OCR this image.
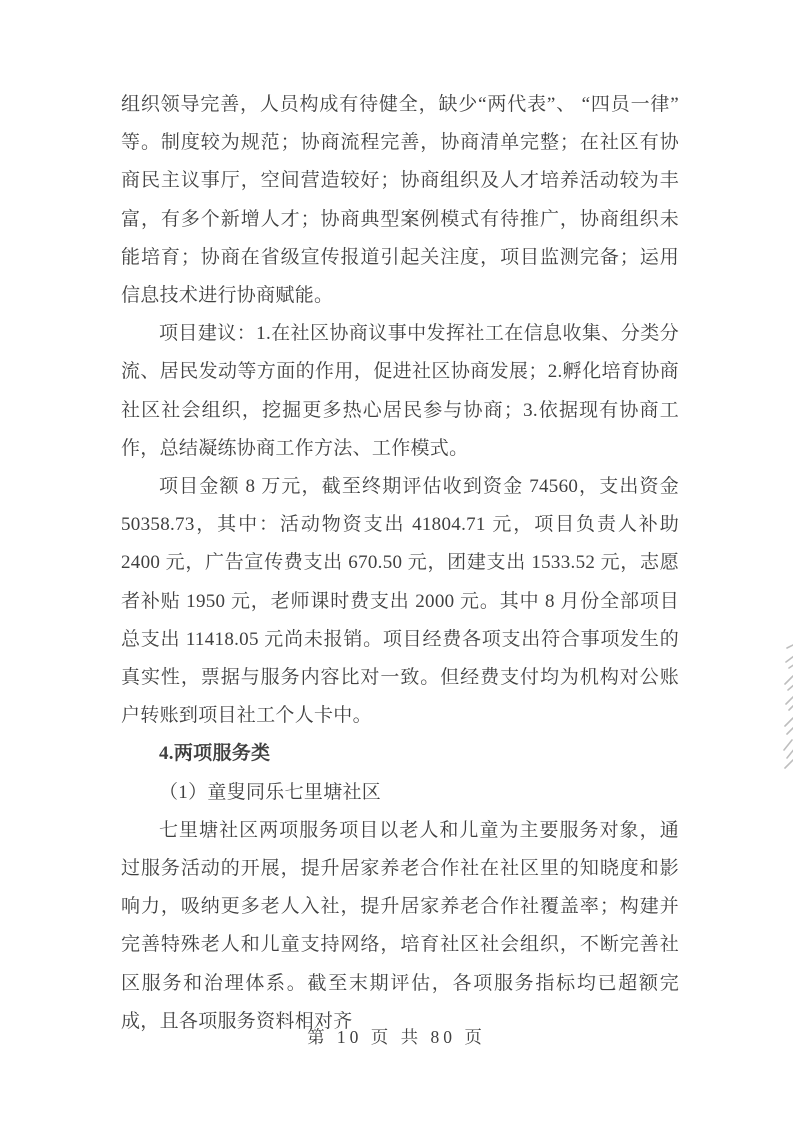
组织领导完善，人员构成有待健全，缺少“两代表”、 “四员一律”等。制度较为规范；协商流程完善，协商清单完整；在社区有协商民主议事厅，空间营造较好；协商组织及人才培养活动较为丰富，有多个新增人才；协商典型案例模式有待推广，协商组织未能培育；协商在省级宣传报道引起关注度，项目监测完备；运用信息技术进行协商赋能。

项目建议：1.在社区协商议事中发挥社工在信息收集、分类分流、居民发动等方面的作用，促进社区协商发展；2.孵化培育协商社区社会组织，挖掘更多热心居民参与协商；3.依据现有协商工作，总结凝练协商工作方法、工作模式。

项目金额 8 万元，截至终期评估收到资金 74560，支出资金 50358.73，其中：活动物资支出 41804.71 元，项目负责人补助 2400 元，广告宣传费支出 670.50 元，团建支出 1533.52 元，志愿者补贴 1950 元，老师课时费支出 2000 元。其中 8 月份全部项目总支出 11418.05 元尚未报销。项目经费各项支出符合事项发生的真实性，票据与服务内容比对一致。但经费支付均为机构对公账户转账到项目社工个人卡中。

4.两项服务类

（1）童叟同乐七里塘社区

七里塘社区两项服务项目以老人和儿童为主要服务对象，通过服务活动的开展，提升居家养老合作社在社区里的知晓度和影响力，吸纳更多老人入社，提升居家养老合作社覆盖率；构建并完善特殊老人和儿童支持网络，培育社区社会组织，不断完善社区服务和治理体系。截至末期评估，各项服务指标均已超额完成，且各项服务资料相对齐

第 10 页 共 80 页
